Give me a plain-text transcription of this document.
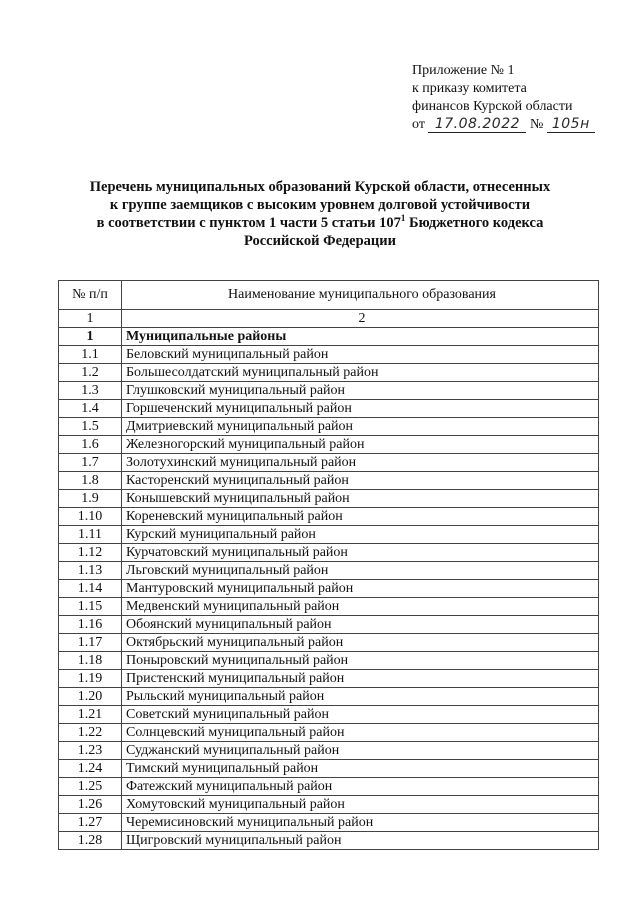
Приложение № 1
к приказу комитета
финансов Курской области
от 17.08.2022 № 105н
Перечень муниципальных образований Курской области, отнесенных
к группе заемщиков с высоким уровнем долговой устойчивости
в соответствии с пунктом 1 части 5 статьи $107^1$ Бюджетного кодекса
Российской Федерации
№ п/п	Наименование муниципального образования
1	2
1	Муниципальные районы
1.1	Беловский муниципальный район
1.2	Большесолдатский муниципальный район
1.3	Глушковский муниципальный район
1.4	Горшеченский муниципальный район
1.5	Дмитриевский муниципальный район
1.6	Железногорский муниципальный район
1.7	Золотухинский муниципальный район
1.8	Касторенский муниципальный район
1.9	Конышевский муниципальный район
1.10	Кореневский муниципальный район
1.11	Курский муниципальный район
1.12	Курчатовский муниципальный район
1.13	Льговский муниципальный район
1.14	Мантуровский муниципальный район
1.15	Медвенский муниципальный район
1.16	Обоянский муниципальный район
1.17	Октябрьский муниципальный район
1.18	Поныровский муниципальный район
1.19	Пристенский муниципальный район
1.20	Рыльский муниципальный район
1.21	Советский муниципальный район
1.22	Солнцевский муниципальный район
1.23	Суджанский муниципальный район
1.24	Тимский муниципальный район
1.25	Фатежский муниципальный район
1.26	Хомутовский муниципальный район
1.27	Черемисиновский муниципальный район
1.28	Щигровский муниципальный район
